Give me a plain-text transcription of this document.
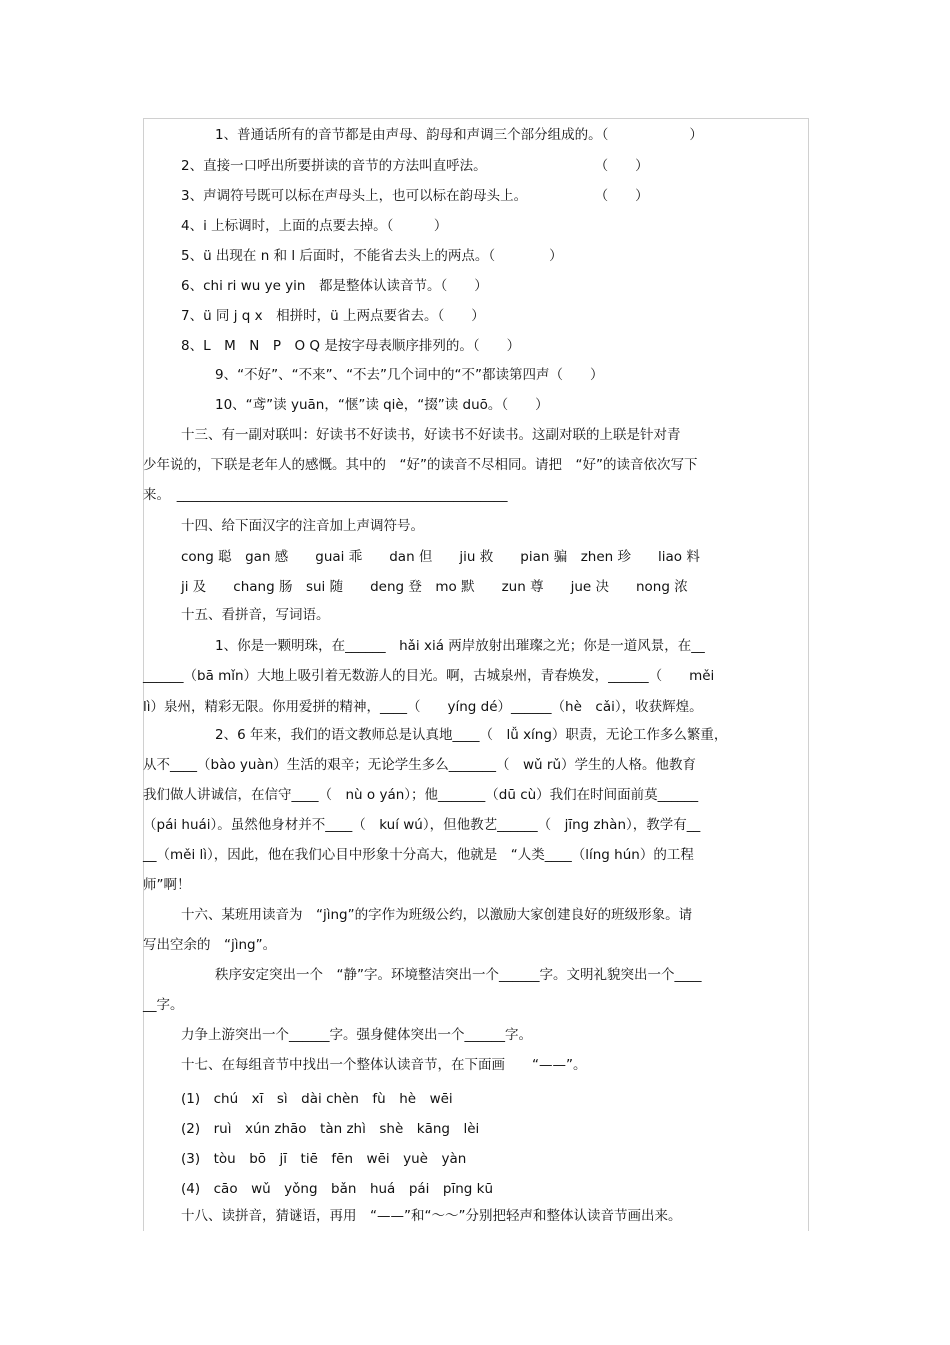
1、普通话所有的音节都是由声母、韵母和声调三个部分组成的。（　　　　　　）
2、直接一口呼出所要拼读的音节的方法叫直呼法。　　　　　　　　　（　　）
3、声调符号既可以标在声母头上，也可以标在韵母头上。　　　　　　（　　）
4、i 上标调时，上面的点要去掉。（　　　）
5、ü 出现在 n 和 l 后面时，不能省去头上的两点。（　　　　）
6、chi ri wu ye yin　都是整体认读音节。（　　）
7、ü 同 j q x　相拼时，ü 上两点要省去。（　　）
8、L　M　N　P　O Q 是按字母表顺序排列的。（　　）
9、“不好”、“不来”、“不去”几个词中的“不”都读第四声（　　）
10、“鸢”读 yuān，“惬”读 qiè，“掇”读 duō。（　　）
十三、有一副对联叫：好读书不好读书，好读书不好读书。这副对联的上联是针对青
少年说的，下联是老年人的感慨。其中的　“好”的读音不尽相同。请把　“好”的读音依次写下
来。　_________________________________________________
十四、给下面汉字的注音加上声调符号。
cong 聪　gan 感　　guai 乖　　dan 但　　jiu 救　　pian 骗　zhen 珍　　liao 料
ji 及　　chang 肠　sui 随　　deng 登　mo 默　　zun 尊　　jue 决　　nong 浓
十五、看拼音，写词语。
1、你是一颗明珠，在______　hǎi xiá 两岸放射出璀璨之光；你是一道风景，在__
______（bā mǐn）大地上吸引着无数游人的目光。啊，古城泉州，青春焕发，______（　　měi
lì）泉州，精彩无限。你用爱拼的精神，____（　　yíng dé）______（hè　cǎi），收获辉煌。
2、6 年来，我们的语文教师总是认真地____（　lǚ xíng）职责，无论工作多么繁重，
从不____（bào yuàn）生活的艰辛；无论学生多么_______（　wǔ rǔ）学生的人格。他教育
我们做人讲诚信，在信守____（　nù o yán）；他_______（dū cù）我们在时间面前莫______
（pái huái）。虽然他身材并不____（　kuí wú），但他教艺______（　jīng zhàn），教学有__
__（měi lì），因此，他在我们心目中形象十分高大，他就是　“人类____（líng hún）的工程
师”啊！
十六、某班用读音为　“jìng”的字作为班级公约，以激励大家创建良好的班级形象。请
写出空余的　“jìng”。
秩序安定突出一个　“静”字。环境整洁突出一个______字。文明礼貌突出一个____
__字。
力争上游突出一个______字。强身健体突出一个______字。
十七、在每组音节中找出一个整体认读音节，在下面画　　“——”。
(1)　chú　xī　sì　dài chèn　fù　hè　wēi
(2)　ruì　xún zhāo　tàn zhì　shè　kāng　lèi
(3)　tòu　bō　jī　tiē　fēn　wēi　yuè　yàn
(4)　cāo　wǔ　yǒng　bǎn　huá　pái　pīng kū
十八、读拼音，猜谜语，再用　“——”和“～～”分别把轻声和整体认读音节画出来。
